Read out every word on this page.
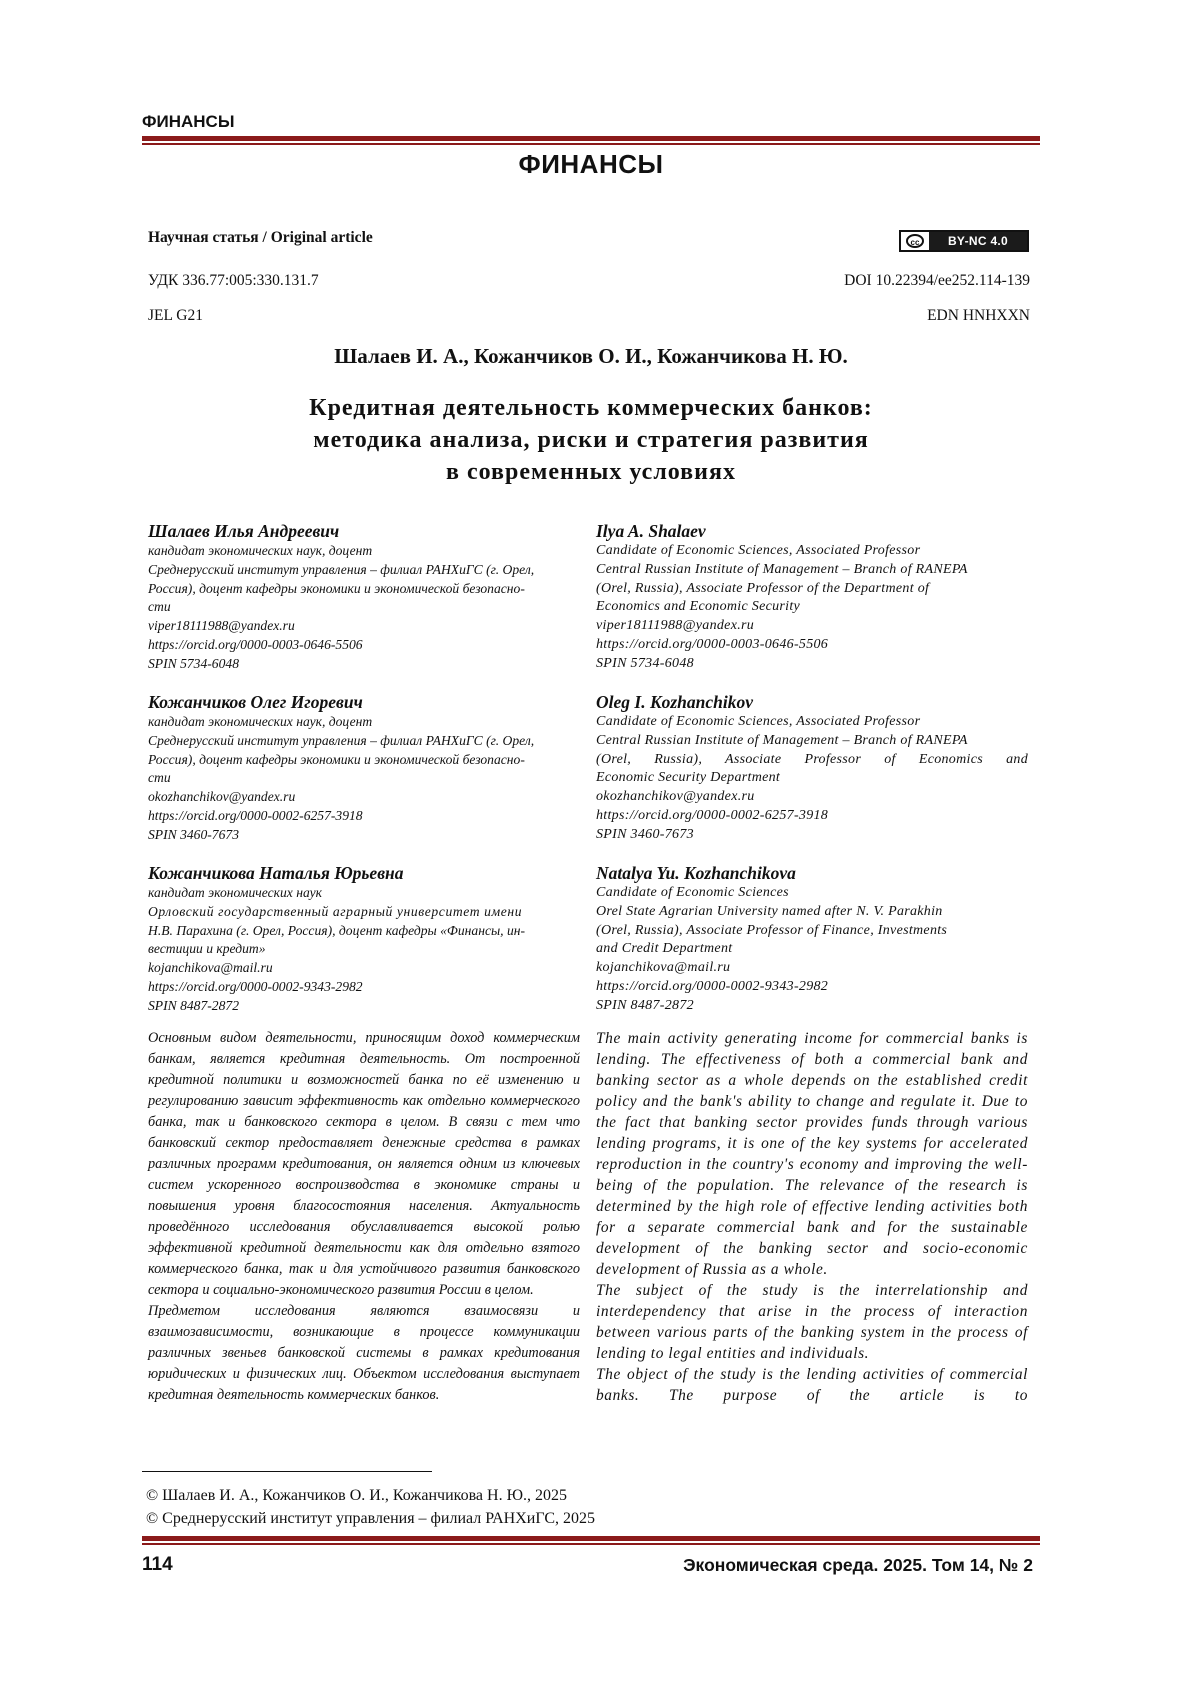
ФИНАНСЫ
ФИНАНСЫ
Научная статья / Original article	cc	BY-NC 4.0
УДК 336.77:005:330.131.7	DOI 10.22394/ee252.114-139
JEL G21	EDN HNHXXN
Шалаев И. А., Кожанчиков О. И., Кожанчикова Н. Ю.
Кредитная деятельность коммерческих банков:
методика анализа, риски и стратегия развития
в современных условиях

Шалаев Илья Андреевич

кандидат экономических наук, доцент

Среднерусский институт управления – филиал РАНХиГС (г. Орел,

Россия), доцент кафедры экономики и экономической безопасно-

сти

viper18111988@yandex.ru

https://orcid.org/0000-0003-0646-5506

SPIN 5734-6048

Кожанчиков Олег Игоревич

кандидат экономических наук, доцент

Среднерусский институт управления – филиал РАНХиГС (г. Орел,

Россия), доцент кафедры экономики и экономической безопасно-

сти

okozhanchikov@yandex.ru

https://orcid.org/0000-0002-6257-3918

SPIN 3460-7673

Кожанчикова Наталья Юрьевна

кандидат экономических наук

Орловский государственный аграрный университет имени

Н.В. Парахина (г. Орел, Россия), доцент кафедры «Финансы, ин-

вестиции и кредит»

kojanchikova@mail.ru

https://orcid.org/0000-0002-9343-2982

SPIN 8487-2872

Ilya A. Shalaev

Candidate of Economic Sciences, Associated Professor

Central Russian Institute of Management – Branch of RANEPA

(Orel, Russia), Associate Professor of the Department of

Economics and Economic Security

viper18111988@yandex.ru

https://orcid.org/0000-0003-0646-5506

SPIN 5734-6048

Oleg I. Kozhanchikov

Candidate of Economic Sciences, Associated Professor

Central Russian Institute of Management – Branch of RANEPA

(Orel, Russia), Associate Professor of Economics and

Economic Security Department

okozhanchikov@yandex.ru

https://orcid.org/0000-0002-6257-3918

SPIN 3460-7673

Natalya Yu. Kozhanchikova

Candidate of Economic Sciences

Orel State Agrarian University named after N. V. Parakhin

(Orel, Russia), Associate Professor of Finance, Investments

and Credit Department

kojanchikova@mail.ru

https://orcid.org/0000-0002-9343-2982

SPIN 8487-2872

Основным видом деятельности, приносящим доход коммерческим банкам, является кредитная деятельность. От построенной кредитной политики и возможностей банка по её изменению и регулированию зависит эффективность как отдельно коммерческого банка, так и банковского сектора в целом. В связи с тем что банковский сектор предоставляет денежные средства в рамках различных программ кредитования, он является одним из ключевых систем ускоренного воспроизводства в экономике страны и повышения уровня благосостояния населения. Актуальность проведённого исследования обуславливается высокой ролью эффективной кредитной деятельности как для отдельно взятого коммерческого банка, так и для устойчивого развития банковского сектора и социально-экономического развития России в целом.

Предметом исследования являются взаимосвязи и взаимозависимости, возникающие в процессе коммуникации различных звеньев банковской системы в рамках кредитования юридических и физических лиц. Объектом исследования выступает кредитная деятельность коммерческих банков.

The main activity generating income for commercial banks is lending. The effectiveness of both a commercial bank and banking sector as a whole depends on the established credit policy and the bank's ability to change and regulate it. Due to the fact that banking sector provides funds through various lending programs, it is one of the key systems for accelerated reproduction in the country's economy and improving the well-being of the population. The relevance of the research is determined by the high role of effective lending activities both for a separate commercial bank and for the sustainable development of the banking sector and socio-economic development of Russia as a whole.

The subject of the study is the interrelationship and interdependency that arise in the process of interaction between various parts of the banking system in the process of lending to legal entities and individuals.

The object of the study is the lending activities of commercial banks. The purpose of the article is to

© Шалаев И. А., Кожанчиков О. И., Кожанчикова Н. Ю., 2025
© Среднерусский институт управления – филиал РАНХиГС, 2025
114	Экономическая среда. 2025. Том 14, № 2
